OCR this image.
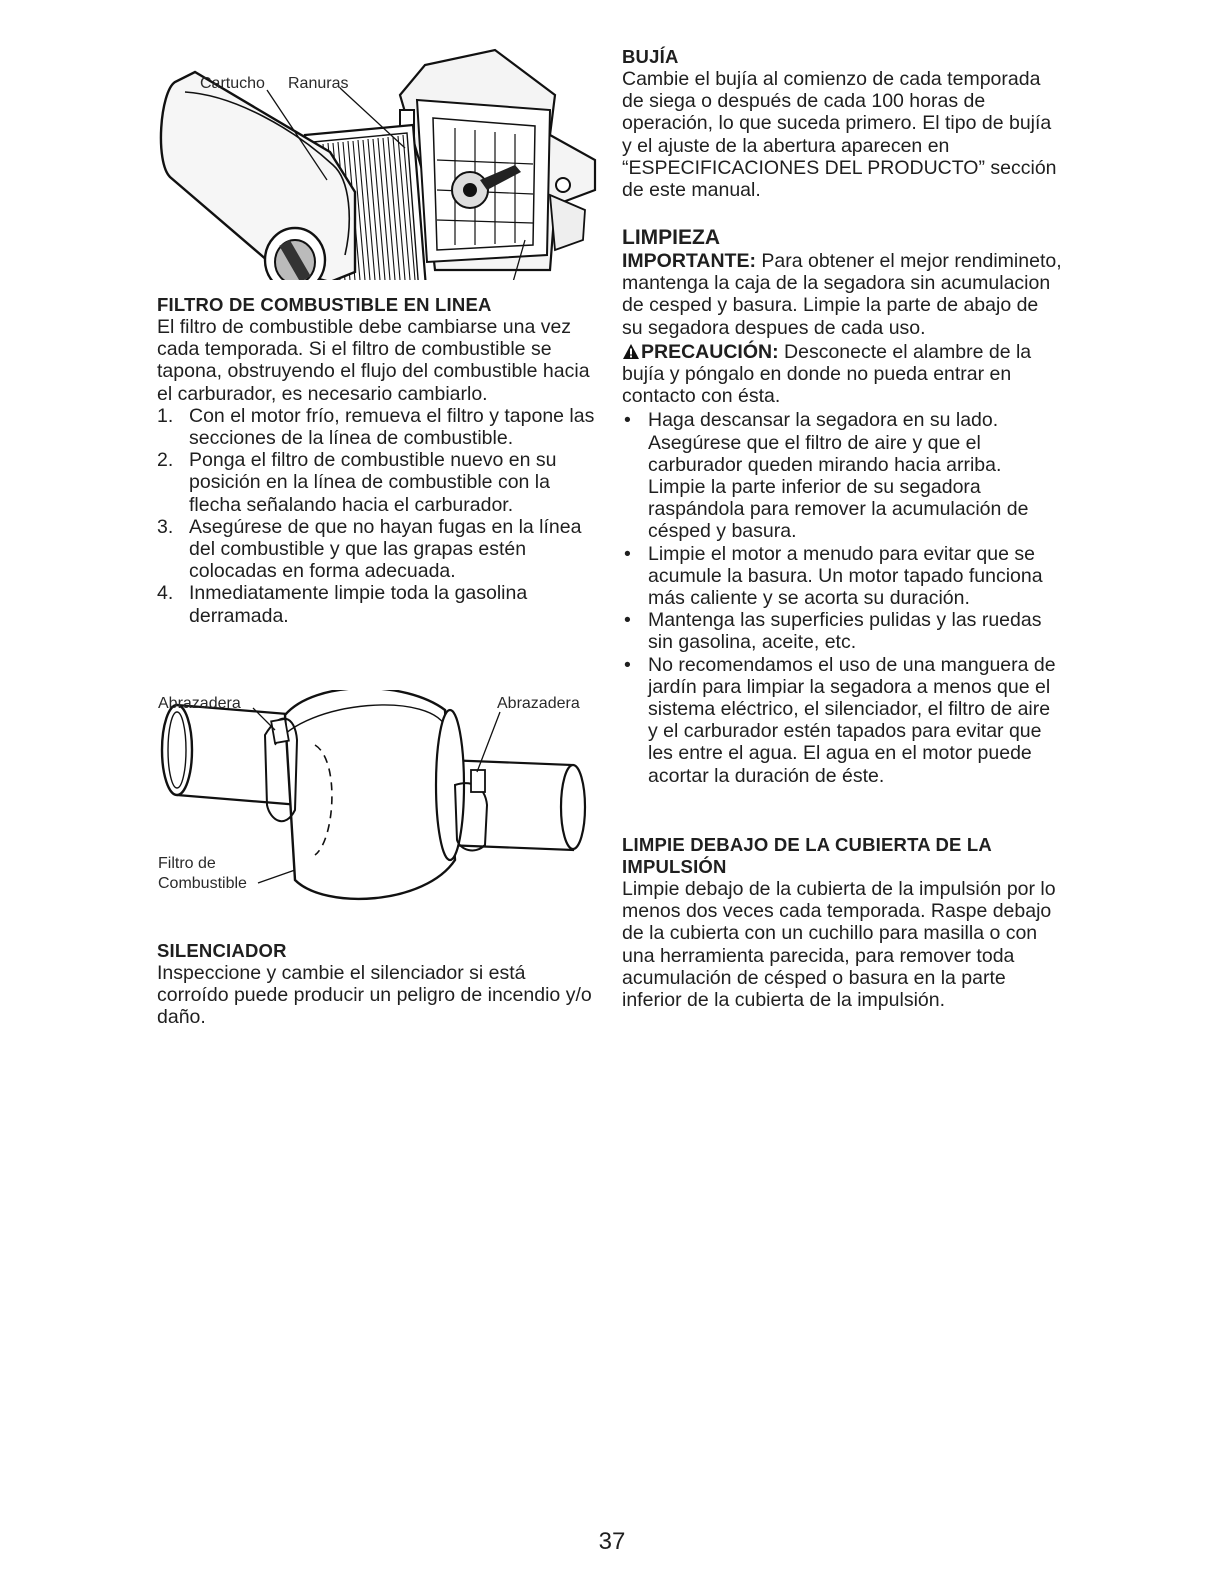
Cartucho Ranuras
FILTRO DE COMBUSTIBLE EN LINEA

El filtro de combustible debe cambiarse una vez cada temporada. Si el filtro de combustible se tapona, obstruyendo el flujo del combustible hacia el carburador, es necesario cambiarlo.

1. Con el motor frío, remueva el filtro y tapone las secciones de la línea de combustible.
2. Ponga el filtro de combustible nuevo en su posición en la línea de combustible con la flecha señalando hacia el carburador.
3. Asegúrese de que no hayan fugas en la línea del combustible y que las grapas estén colocadas en forma adecuada.
4. Inmediatamente limpie toda la gasolina derramada.
Abrazadera	Abrazadera
Filtro de
Combustible
SILENCIADOR

Inspeccione y cambie el silenciador si está corroído puede producir un peligro de incendio y/o daño.

BUJÍA

Cambie el bujía al comienzo de cada temporada de siega o después de cada 100 horas de operación, lo que suceda primero. El tipo de bujía y el ajuste de la abertura aparecen en “ESPECIFICACIONES DEL PRODUCTO” sección de este manual.

LIMPIEZA

IMPORTANTE: Para obtener el mejor rendimineto, mantenga la caja de la segadora sin acumulacion de cesped y basura. Limpie la parte de abajo de su segadora despues de cada uso.

PRECAUCIÓN: Desconecte el alambre de la bujía y póngalo en donde no pueda entrar en contacto con ésta.

• Haga descansar la segadora en su lado. Asegúrese que el filtro de aire y que el carburador queden mirando hacia arriba. Limpie la parte inferior de su segadora raspándola para remover la acumulación de césped y basura.
• Limpie el motor a menudo para evitar que se acumule la basura. Un motor tapado funciona más caliente y se acorta su duración.
• Mantenga las superficies pulidas y las ruedas sin gasolina, aceite, etc.
• No recomendamos el uso de una manguera de jardín para limpiar la segadora a menos que el sistema eléctrico, el silenciador, el filtro de aire y el carburador estén tapados para evitar que les entre el agua. El agua en el motor puede acortar la duración de éste.
LIMPIE DEBAJO DE LA CUBIERTA DE LA IMPULSIÓN

Limpie debajo de la cubierta de la impulsión por lo menos dos veces cada temporada. Raspe debajo de la cubierta con un cuchillo para masilla o con una herramienta parecida, para remover toda acumulación de césped o basura en la parte inferior de la cubierta de la impulsión.

37
